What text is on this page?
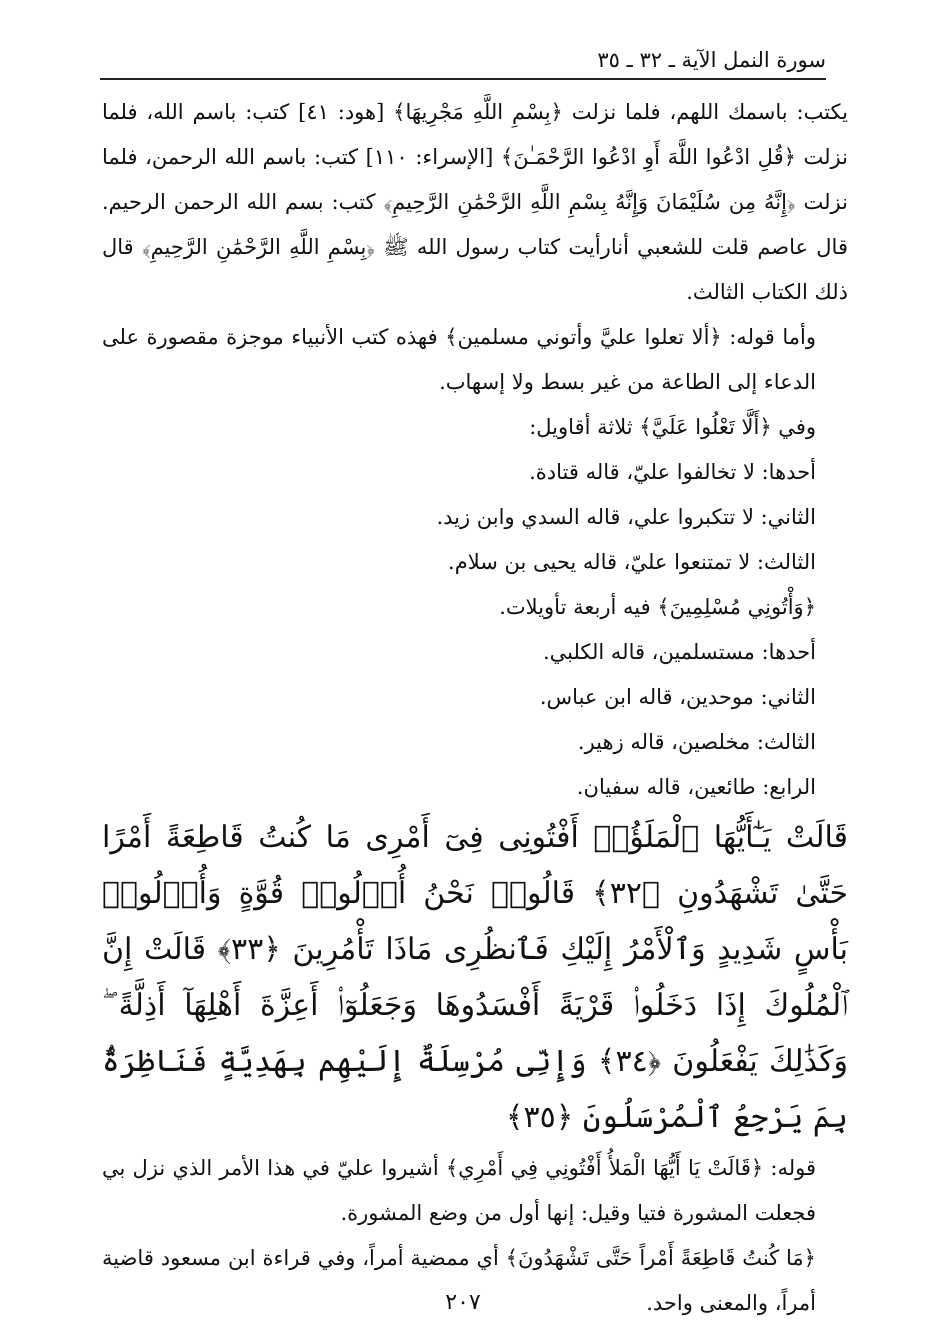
سورة النمل الآية ـ ٣٢ ـ ٣٥

يكتب: باسمك اللهم، فلما نزلت ﴿بِسْمِ اللَّهِ مَجْرِيهَا﴾ [هود: ٤١] كتب: باسم الله، فلما نزلت ﴿قُلِ ادْعُوا اللَّهَ أَوِ ادْعُوا الرَّحْمَـٰنَ﴾ [الإسراء: ١١٠] كتب: باسم الله الرحمن، فلما نزلت ﴿إِنَّهُ مِن سُلَيْمَانَ وَإِنَّهُ بِسْمِ اللَّهِ الرَّحْمَٰنِ الرَّحِيمِ﴾ كتب: بسم الله الرحمن الرحيم. قال عاصم قلت للشعبي أنارأيت كتاب رسول الله ﷺ ﴿بِسْمِ اللَّهِ الرَّحْمَٰنِ الرَّحِيمِ﴾ قال ذلك الكتاب الثالث.

وأما قوله: ﴿ألا تعلوا عليَّ وأتوني مسلمين﴾ فهذه كتب الأنبياء موجزة مقصورة على الدعاء إلى الطاعة من غير بسط ولا إسهاب.

وفي ﴿أَلَّا تَعْلُوا عَلَيَّ﴾ ثلاثة أقاويل:

أحدها: لا تخالفوا عليّ، قاله قتادة.

الثاني: لا تتكبروا علي، قاله السدي وابن زيد.

الثالث: لا تمتنعوا عليّ، قاله يحيى بن سلام.

﴿وَأْتُونِي مُسْلِمِينَ﴾ فيه أربعة تأويلات.

أحدها: مستسلمين، قاله الكلبي.

الثاني: موحدين، قاله ابن عباس.

الثالث: مخلصين، قاله زهير.

الرابع: طائعين، قاله سفيان.

قَالَتْ يَـٰٓأَيُّهَا ٱلْمَلَؤُا۟ أَفْتُونِى فِىٓ أَمْرِى مَا كُنتُ قَاطِعَةً أَمْرًا حَتَّىٰ تَشْهَدُونِ ﴿٣٢﴾ قَالُوا۟ نَحْنُ أُو۟لُوا۟ قُوَّةٍ وَأُو۟لُوا۟ بَأْسٍ شَدِيدٍ وَٱلْأَمْرُ إِلَيْكِ فَٱنظُرِى مَاذَا تَأْمُرِينَ ﴿٣٣﴾ قَالَتْ إِنَّ ٱلْمُلُوكَ إِذَا دَخَلُوا۟ قَرْيَةً أَفْسَدُوهَا وَجَعَلُوٓا۟ أَعِزَّةَ أَهْلِهَآ أَذِلَّةً ۖ وَكَذَٰلِكَ يَفْعَلُونَ ﴿٣٤﴾ وَإِنِّى مُرْسِلَةٌ إِلَيْهِم بِهَدِيَّةٍ فَنَاظِرَةٌۢ بِمَ يَرْجِعُ ٱلْمُرْسَلُونَ ﴿٣٥﴾

قوله: ﴿قَالَتْ يَا أَيُّهَا الْمَلأُ أَفْتُونِي فِي أَمْرِي﴾ أشيروا عليّ في هذا الأمر الذي نزل بي فجعلت المشورة فتيا وقيل: إنها أول من وضع المشورة.

﴿مَا كُنتُ قَاطِعَةً أَمْراً حَتَّى تَشْهَدُونَ﴾ أي ممضية أمراً، وفي قراءة ابن مسعود قاضية أمراً، والمعنى واحد.

٢٠٧
